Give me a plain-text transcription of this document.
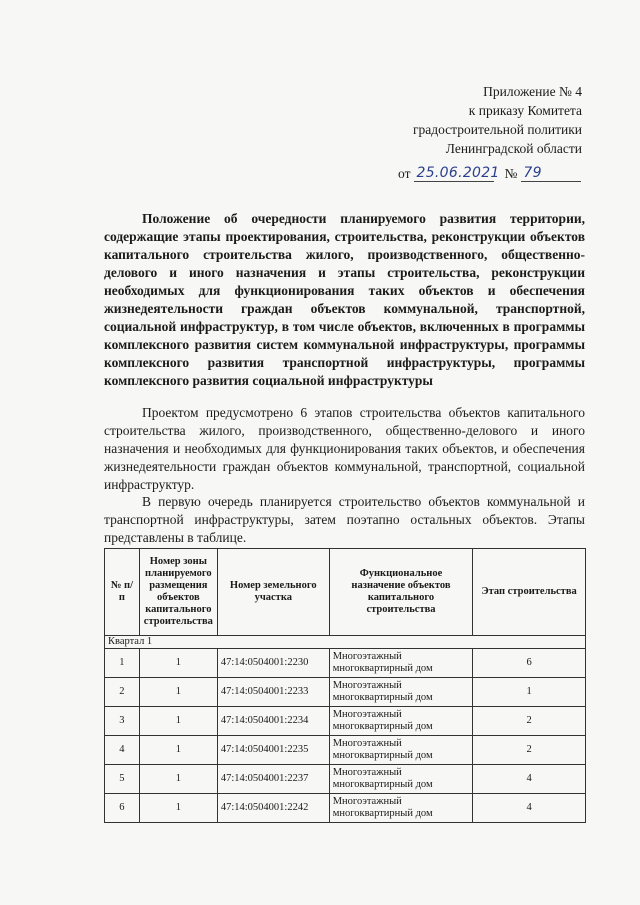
Приложение № 4
к приказу Комитета
градостроительной политики
Ленинградской области
от 25.06.2021 № 79
Положение об очередности планируемого развития территории, содержащие этапы проектирования, строительства, реконструкции объектов капитального строительства жилого, производственного, общественно-делового и иного назначения и этапы строительства, реконструкции необходимых для функционирования таких объектов и обеспечения жизнедеятельности граждан объектов коммунальной, транспортной, социальной инфраструктур, в том числе объектов, включенных в программы комплексного развития систем коммунальной инфраструктуры, программы комплексного развития транспортной инфраструктуры, программы комплексного развития социальной инфраструктуры
Проектом предусмотрено 6 этапов строительства объектов капитального строительства жилого, производственного, общественно-делового и иного назначения и необходимых для функционирования таких объектов, и обеспечения жизнедеятельности граждан объектов коммунальной, транспортной, социальной инфраструктур.
В первую очередь планируется строительство объектов коммунальной и транспортной инфраструктуры, затем поэтапно остальных объектов. Этапы представлены в таблице.
№ п/п	Номер зоны планируемого размещения объектов капитального строительства	Номер земельного участка	Функциональное назначение объектов капитального строительства	Этап строительства
Квартал 1				
1	1	47:14:0504001:2230	Многоэтажный многоквартирный дом	6
2	1	47:14:0504001:2233	Многоэтажный многоквартирный дом	1
3	1	47:14:0504001:2234	Многоэтажный многоквартирный дом	2
4	1	47:14:0504001:2235	Многоэтажный многоквартирный дом	2
5	1	47:14:0504001:2237	Многоэтажный многоквартирный дом	4
6	1	47:14:0504001:2242	Многоэтажный многоквартирный дом	4
